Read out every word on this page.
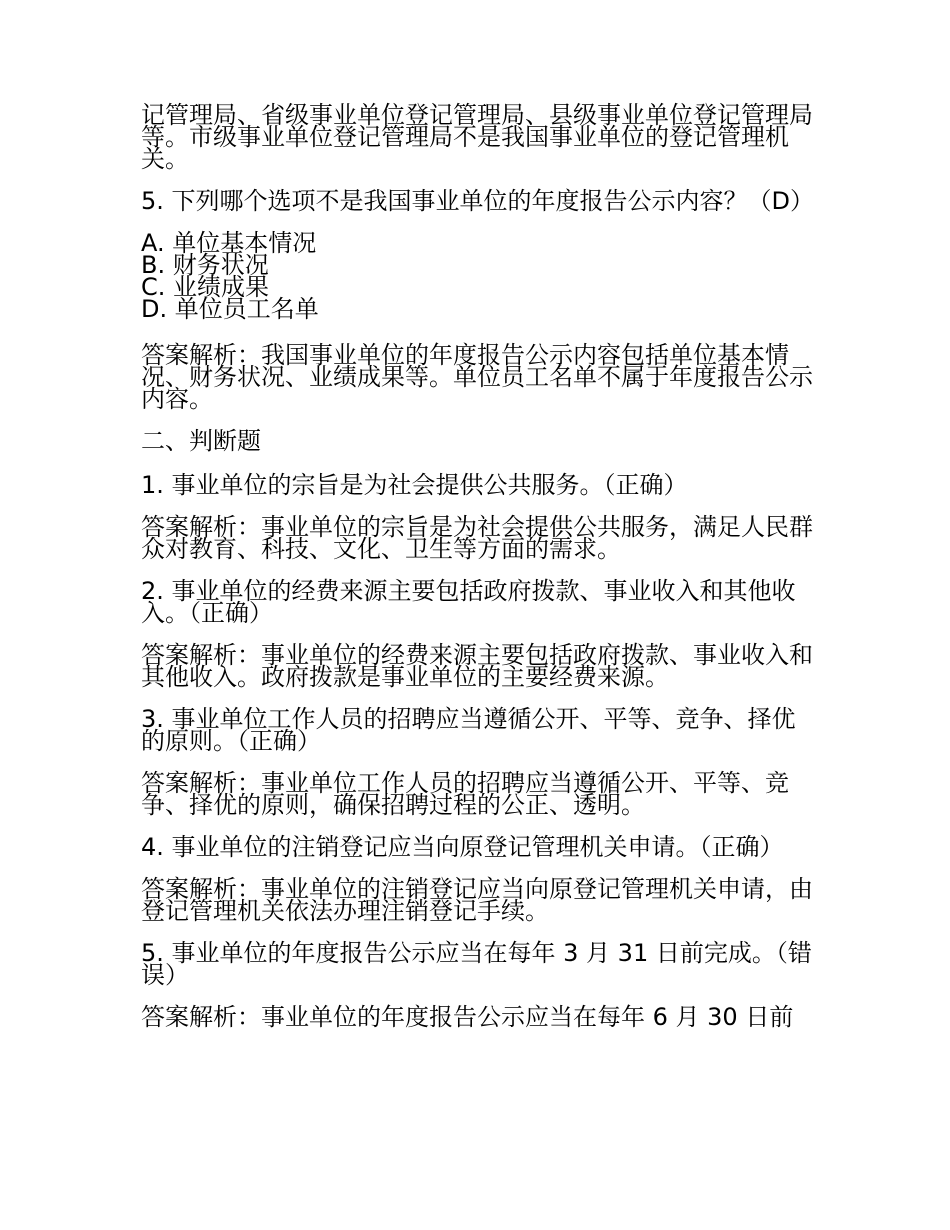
记管理局、省级事业单位登记管理局、县级事业单位登记管理局等。市级事业单位登记管理局不是我国事业单位的登记管理机关。

5. 下列哪个选项不是我国事业单位的年度报告公示内容？（D）

A. 单位基本情况
B. 财务状况
C. 业绩成果
D. 单位员工名单

答案解析：我国事业单位的年度报告公示内容包括单位基本情况、财务状况、业绩成果等。单位员工名单不属于年度报告公示内容。

二、判断题

1. 事业单位的宗旨是为社会提供公共服务。（正确）

答案解析：事业单位的宗旨是为社会提供公共服务，满足人民群众对教育、科技、文化、卫生等方面的需求。

2. 事业单位的经费来源主要包括政府拨款、事业收入和其他收入。（正确）

答案解析：事业单位的经费来源主要包括政府拨款、事业收入和其他收入。政府拨款是事业单位的主要经费来源。

3. 事业单位工作人员的招聘应当遵循公开、平等、竞争、择优的原则。（正确）

答案解析：事业单位工作人员的招聘应当遵循公开、平等、竞争、择优的原则，确保招聘过程的公正、透明。

4. 事业单位的注销登记应当向原登记管理机关申请。（正确）

答案解析：事业单位的注销登记应当向原登记管理机关申请，由登记管理机关依法办理注销登记手续。

5. 事业单位的年度报告公示应当在每年 3 月 31 日前完成。（错误）

答案解析：事业单位的年度报告公示应当在每年 6 月 30 日前
